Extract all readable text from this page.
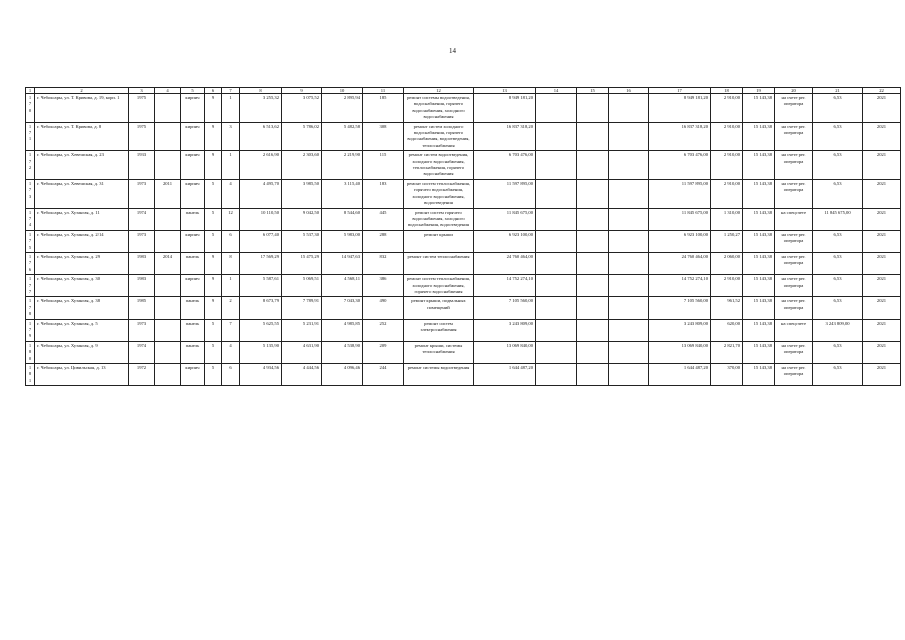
14
1	2	3	4	5	6	7	8	9	10	11	12	13	14	15	16	17	18	19	20	21	22
170	г. Чебоксары, ул. Т. Кривова, д. 19, корп. 1	1975		кирпич	9	1	3 255,32	3 075,52	2 895,94	185	ремонт системы водоотведения, водоснабжения, горячего водоснабжения, холодного водоснабжения	8 949 181,20				8 949 181,20	2 910,00	15 143,38	на счете рег. оператора	6,53	2021
171	г. Чебоксары, ул. Т. Кривова, д. 8	1975		кирпич	9	3	6 513,62	5 786,02	5 482,58	308	ремонт систем холодного водоснабжения, горячего водоснабжения, водоотведения, теплоснабжения	16 837 318,20				16 837 318,20	2 910,00	15 143,38	на счете рег. оператора	6,53	2021
172	г. Чебоксары, ул. Хевешская, д. 23	1933		кирпич	9	1	2 616,90	2 303,60	2 219,90	115	ремонт систем водоотведения, холодного водоснабжения, теплоснабжения, горячего водоснабжения	6 703 476,00				6 703 476,00	2 910,00	15 143,38	на счете рег. оператора	6,53	2021
173	г. Чебоксары, ул. Хевешская, д. 31	1973	2011	кирпич	5	4	4 495,70	3 985,50	3 115,40	183	ремонт систем теплоснабжения, горячего водоснабжения, холодного водоснабжения, водоотведения	11 597 895,00				11 597 895,00	2 910,00	15 143,38	на счете рег. оператора	6,53	2021
174	г. Чебоксары, ул. Хузангая, д. 11	1974		панель	5	12	10 110,50	9 042,50	8 544,60	445	ремонт систем горячего водоснабжения, холодного водоснабжения, водоотведения	11 845 675,00				11 845 675,00	1 310,00	15 143,38	на спецсчете	11 845 675,00	2021
175	г. Чебоксары, ул. Хузангая, д. 2/14	1973		кирпич	5	6	6 077,40	5 537,30	5 983,00	288	ремонт крыши	6 923 100,00				6 923 100,00	1 250,27	15 143,38	на счете рег. оператора	6,53	2021
176	г. Чебоксары, ул. Хузангая, д. 29	1983	2014	панель	9	8	17 569,29	15 475,29	14 947,63	832	ремонт систем теплоснабжения	24 760 464,00				24 760 464,00	2 060,00	15 143,38	на счете рег. оператора	6,53	2021
177	г. Чебоксары, ул. Хузангая, д. 30	1983		кирпич	9	1	5 587,61	5 069,51	4 568,11	386	ремонт систем теплоснабжения, холодного водоснабжения, горячего водоснабжения	14 752 274,10				14 752 274,10	2 910,00	15 143,38	на счете рег. оператора	6,53	2021
178	г. Чебоксары, ул. Хузангая, д. 38	1985		панель	9	2	8 673,79	7 789,91	7 043,30	490	ремонт крыши, подвальных помещений	7 105 560,00				7 105 560,00	961,52	15 143,38	на счете рег. оператора	6,53	2021
179	г. Чебоксары, ул. Хузангая, д. 5	1973		панель	5	7	5 625,55	5 231,91	4 985,85	252	ремонт систем электроснабжения	3 243 809,00				3 243 809,00	620,00	15 143,38	на спецсчете	3 243 809,00	2021
180	г. Чебоксары, ул. Хузангая, д. 9	1974		панель	5	4	5 135,90	4 631,90	4 538,90	209	ремонт крыши, системы теплоснабжения	13 069 840,00				13 069 840,00	2 821,70	15 143,38	на счете рег. оператора	6,53	2021
181	г. Чебоксары, ул. Цивильская, д. 13	1972		кирпич	5	6	4 934,56	4 444,56	4 096,46	244	ремонт системы водоотведения	1 644 487,20				1 644 487,20	370,00	15 143,38	на счете рег. оператора	6,53	2021
